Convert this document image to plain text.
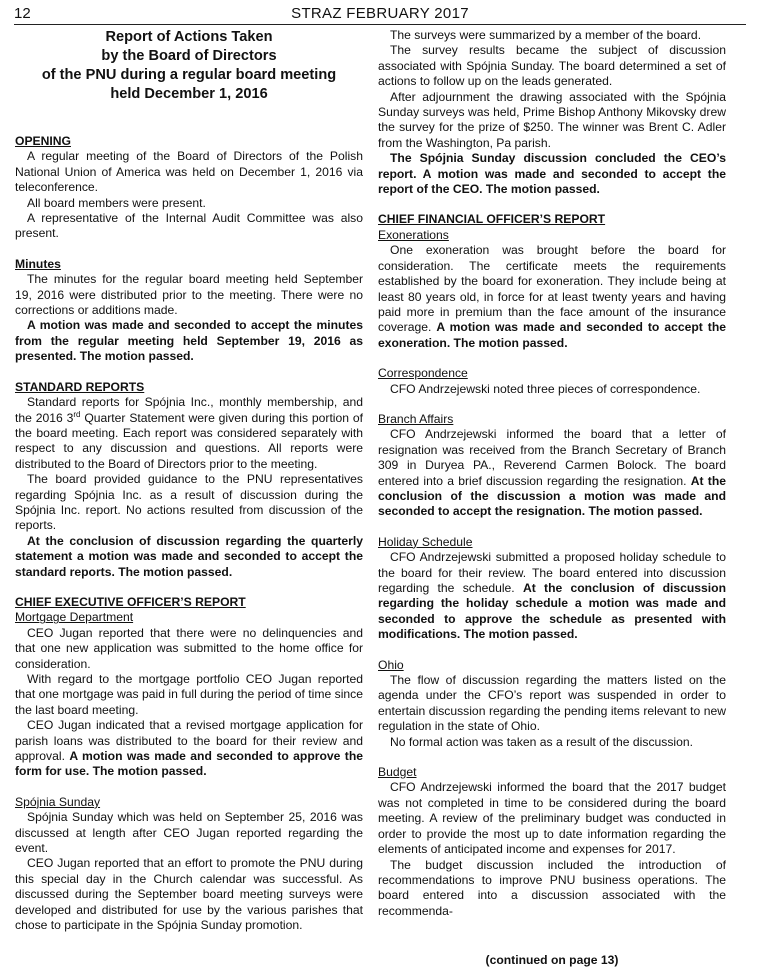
12	STRAZ FEBRUARY 2017
Report of Actions Taken
by the Board of Directors
of the PNU during a regular board meeting
held December 1, 2016
OPENING

A regular meeting of the Board of Directors of the Polish National Union of America was held on December 1, 2016 via teleconference.

All board members were present.

A representative of the Internal Audit Committee was also present.

Minutes

The minutes for the regular board meeting held September 19, 2016 were distributed prior to the meeting. There were no corrections or additions made.

A motion was made and seconded to accept the minutes from the regular meeting held September 19, 2016 as presented. The motion passed.

STANDARD REPORTS

Standard reports for Spójnia Inc., monthly membership, and the 2016 3rd Quarter Statement were given during this portion of the board meeting. Each report was considered separately with respect to any discussion and questions. All reports were distributed to the Board of Directors prior to the meeting.

The board provided guidance to the PNU representatives regarding Spójnia Inc. as a result of discussion during the Spójnia Inc. report. No actions resulted from discussion of the reports.

At the conclusion of discussion regarding the quarterly statement a motion was made and seconded to accept the standard reports. The motion passed.

CHIEF EXECUTIVE OFFICER’S REPORT
Mortgage Department

CEO Jugan reported that there were no delinquencies and that one new application was submitted to the home office for consideration.

With regard to the mortgage portfolio CEO Jugan reported that one mortgage was paid in full during the period of time since the last board meeting.

CEO Jugan indicated that a revised mortgage application for parish loans was distributed to the board for their review and approval. A motion was made and seconded to approve the form for use. The motion passed.

Spójnia Sunday

Spójnia Sunday which was held on September 25, 2016 was discussed at length after CEO Jugan reported regarding the event.

CEO Jugan reported that an effort to promote the PNU during this special day in the Church calendar was successful. As discussed during the September board meeting surveys were developed and distributed for use by the various parishes that chose to participate in the Spójnia Sunday promotion.

The surveys were summarized by a member of the board.

The survey results became the subject of discussion associated with Spójnia Sunday. The board determined a set of actions to follow up on the leads generated.

After adjournment the drawing associated with the Spójnia Sunday surveys was held, Prime Bishop Anthony Mikovsky drew the survey for the prize of $250. The winner was Brent C. Adler from the Washington, Pa parish.

The Spójnia Sunday discussion concluded the CEO’s report. A motion was made and seconded to accept the report of the CEO. The motion passed.

CHIEF FINANCIAL OFFICER’S REPORT
Exonerations

One exoneration was brought before the board for consideration. The certificate meets the requirements established by the board for exoneration. They include being at least 80 years old, in force for at least twenty years and having paid more in premium than the face amount of the insurance coverage. A motion was made and seconded to accept the exoneration. The motion passed.

Correspondence

CFO Andrzejewski noted three pieces of correspondence.

Branch Affairs

CFO Andrzejewski informed the board that a letter of resignation was received from the Branch Secretary of Branch 309 in Duryea PA., Reverend Carmen Bolock. The board entered into a brief discussion regarding the resignation. At the conclusion of the discussion a motion was made and seconded to accept the resignation. The motion passed.

Holiday Schedule

CFO Andrzejewski submitted a proposed holiday schedule to the board for their review. The board entered into discussion regarding the schedule. At the conclusion of discussion regarding the holiday schedule a motion was made and seconded to approve the schedule as presented with modifications. The motion passed.

Ohio

The flow of discussion regarding the matters listed on the agenda under the CFO’s report was suspended in order to entertain discussion regarding the pending items relevant to new regulation in the state of Ohio.

No formal action was taken as a result of the discussion.

Budget

CFO Andrzejewski informed the board that the 2017 budget was not completed in time to be considered during the board meeting. A review of the preliminary budget was conducted in order to provide the most up to date information regarding the elements of anticipated income and expenses for 2017.

The budget discussion included the introduction of recommendations to improve PNU business operations. The board entered into a discussion associated with the recommenda-

(continued on page 13)
